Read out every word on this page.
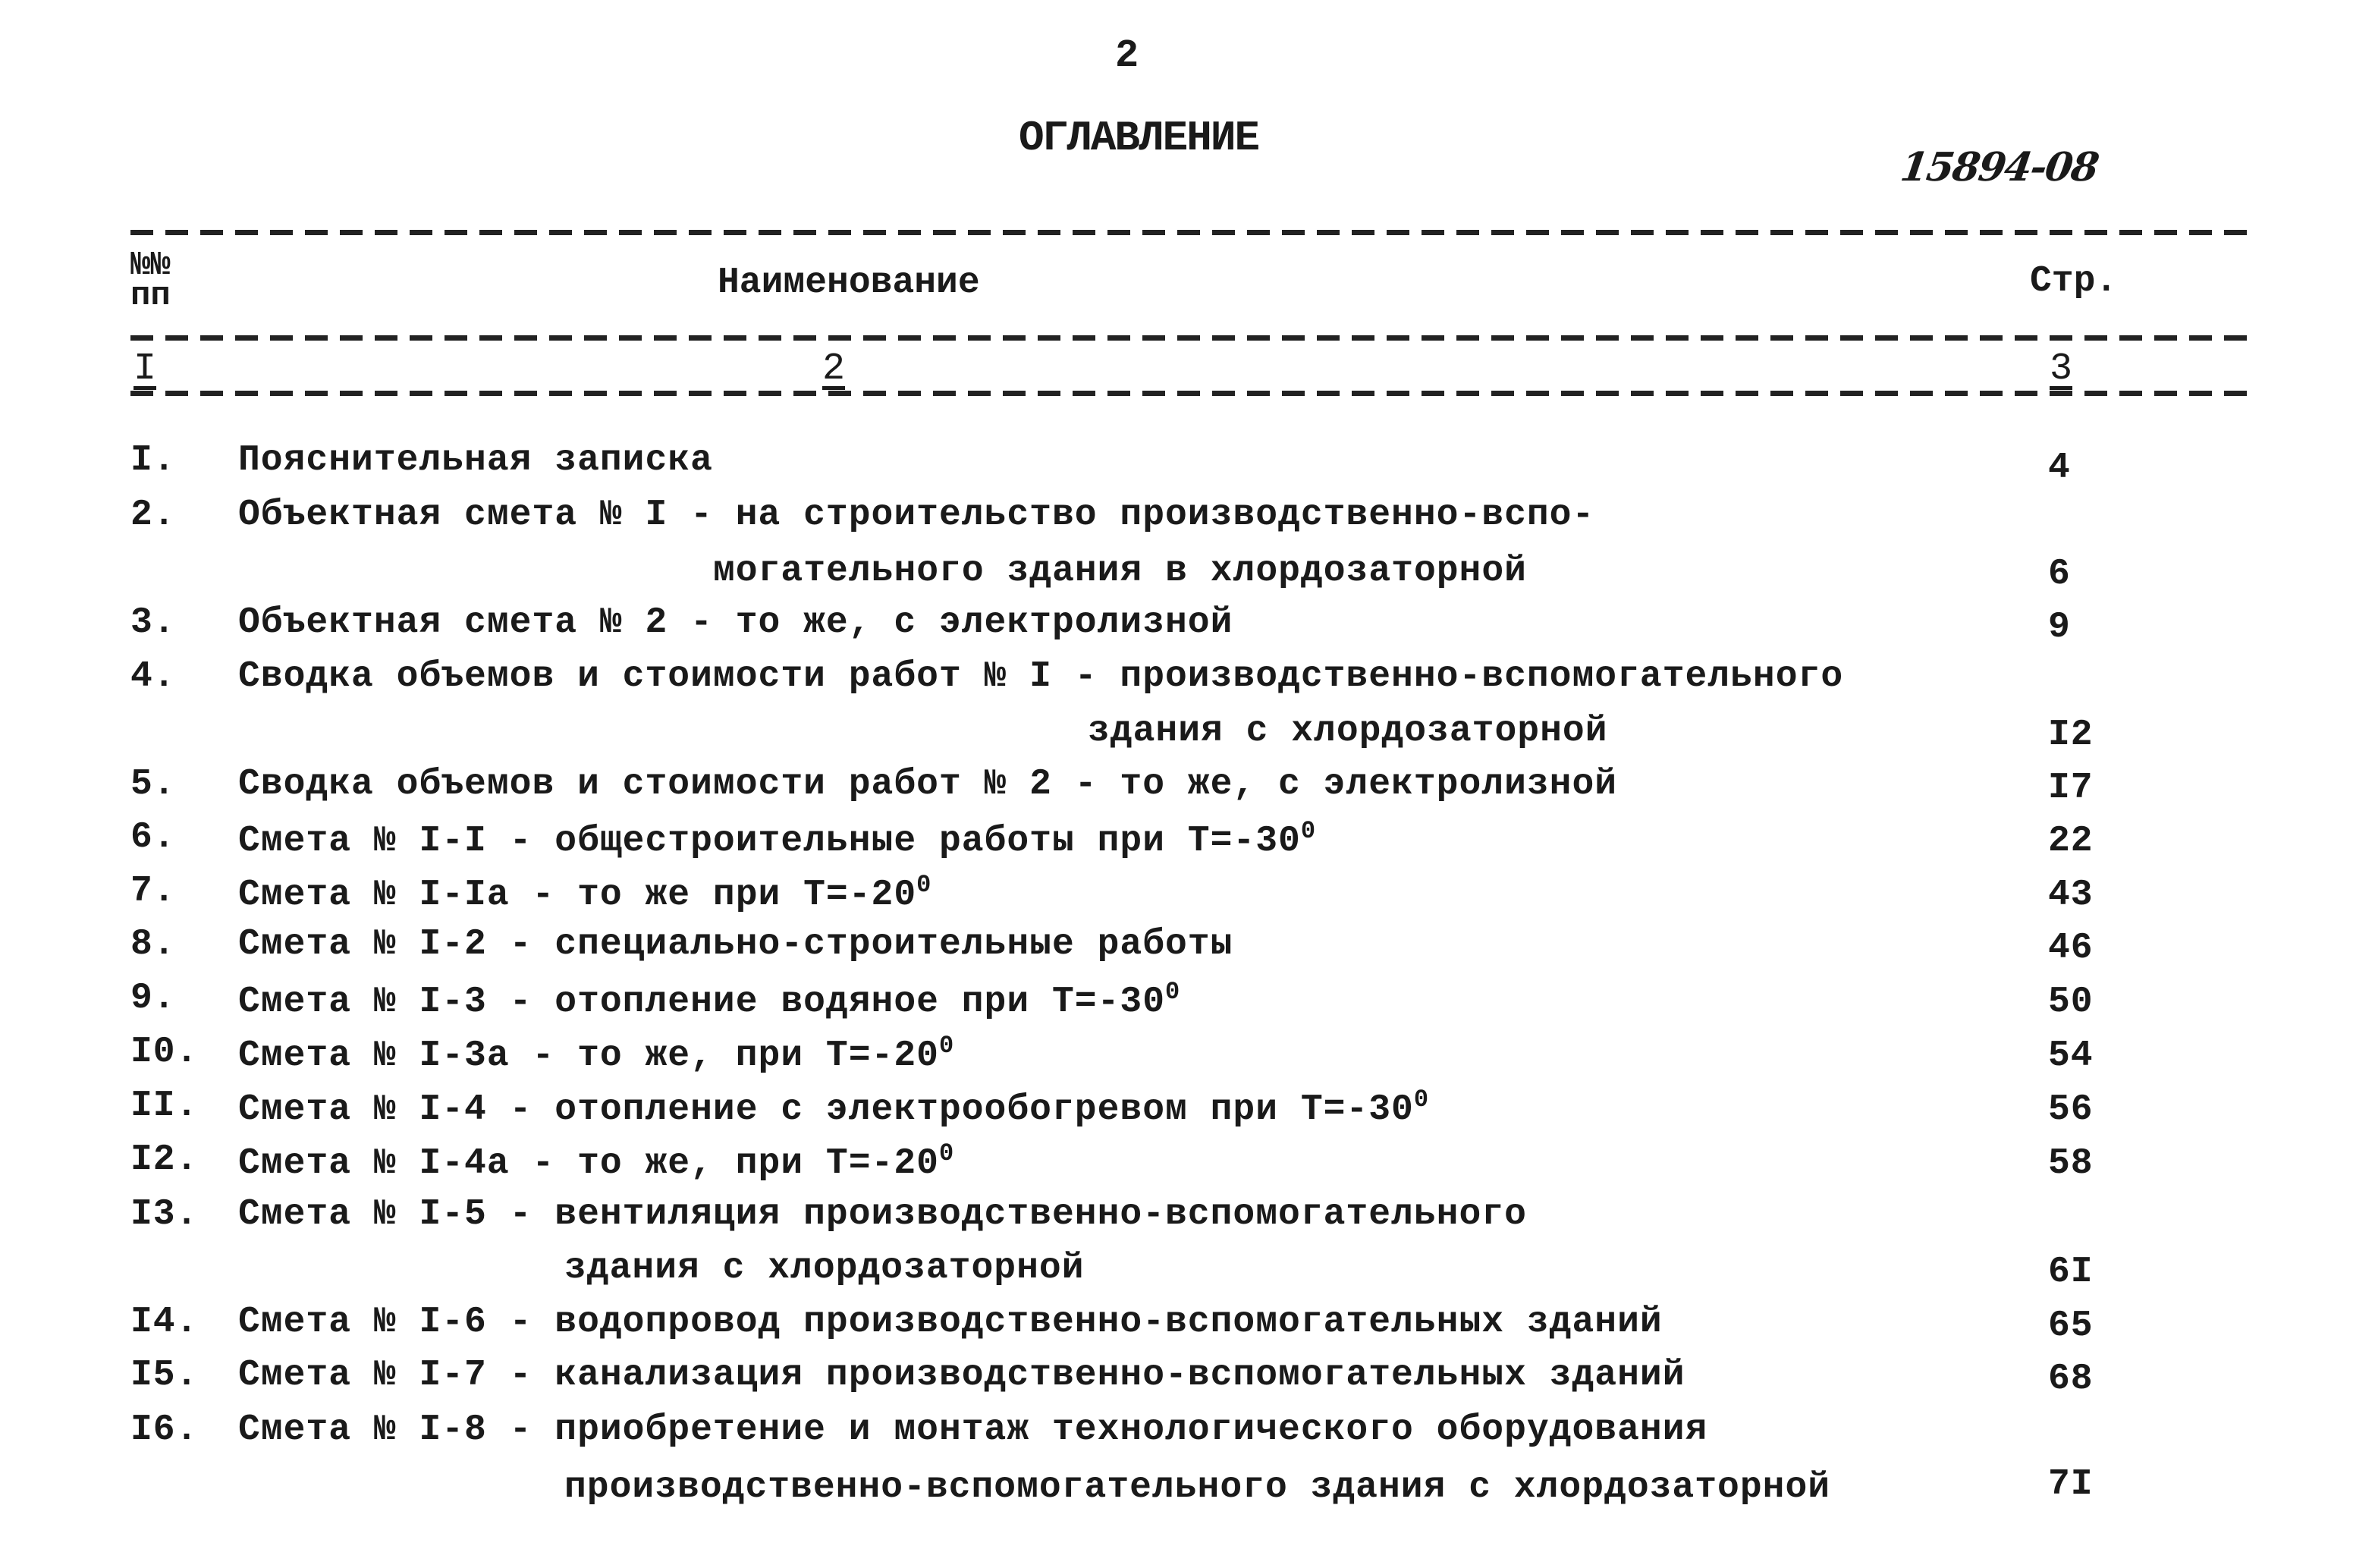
2
ОГЛАВЛЕНИЕ
15894-08
№№
пп	Наименование	Стр.
I	2	3
I. Пояснительная записка	4
2. Объектная смета № I - на строительство производственно-вспо-
могательного здания в хлордозаторной	6
3. Объектная смета № 2 - то же, с электролизной	9
4. Сводка объемов и стоимости работ № I - производственно-вспомогательного
здания с хлордозаторной	I2
5. Сводка объемов и стоимости работ № 2 - то же, с электролизной	I7
6. Смета № I-I - общестроительные работы при $Т=-30^0$	22
7. Смета № I-Iа - то же при $Т=-20^0$	43
8. Смета № I-2 - специально-строительные работы	46
9. Смета № I-3 - отопление водяное при $Т=-30^0$	50
I0. Смета № I-3а - то же, при $Т=-20^0$	54
II. Смета № I-4 - отопление с электрообогревом при $Т=-30^0$	56
I2. Смета № I-4а - то же, при $Т=-20^0$	58
I3. Смета № I-5 - вентиляция производственно-вспомогательного
здания с хлордозаторной	6I
I4. Смета № I-6 - водопровод производственно-вспомогательных зданий	65
I5. Смета № I-7 - канализация производственно-вспомогательных зданий	68
I6. Смета № I-8 - приобретение и монтаж технологического оборудования
производственно-вспомогательного здания с хлордозаторной	7I
